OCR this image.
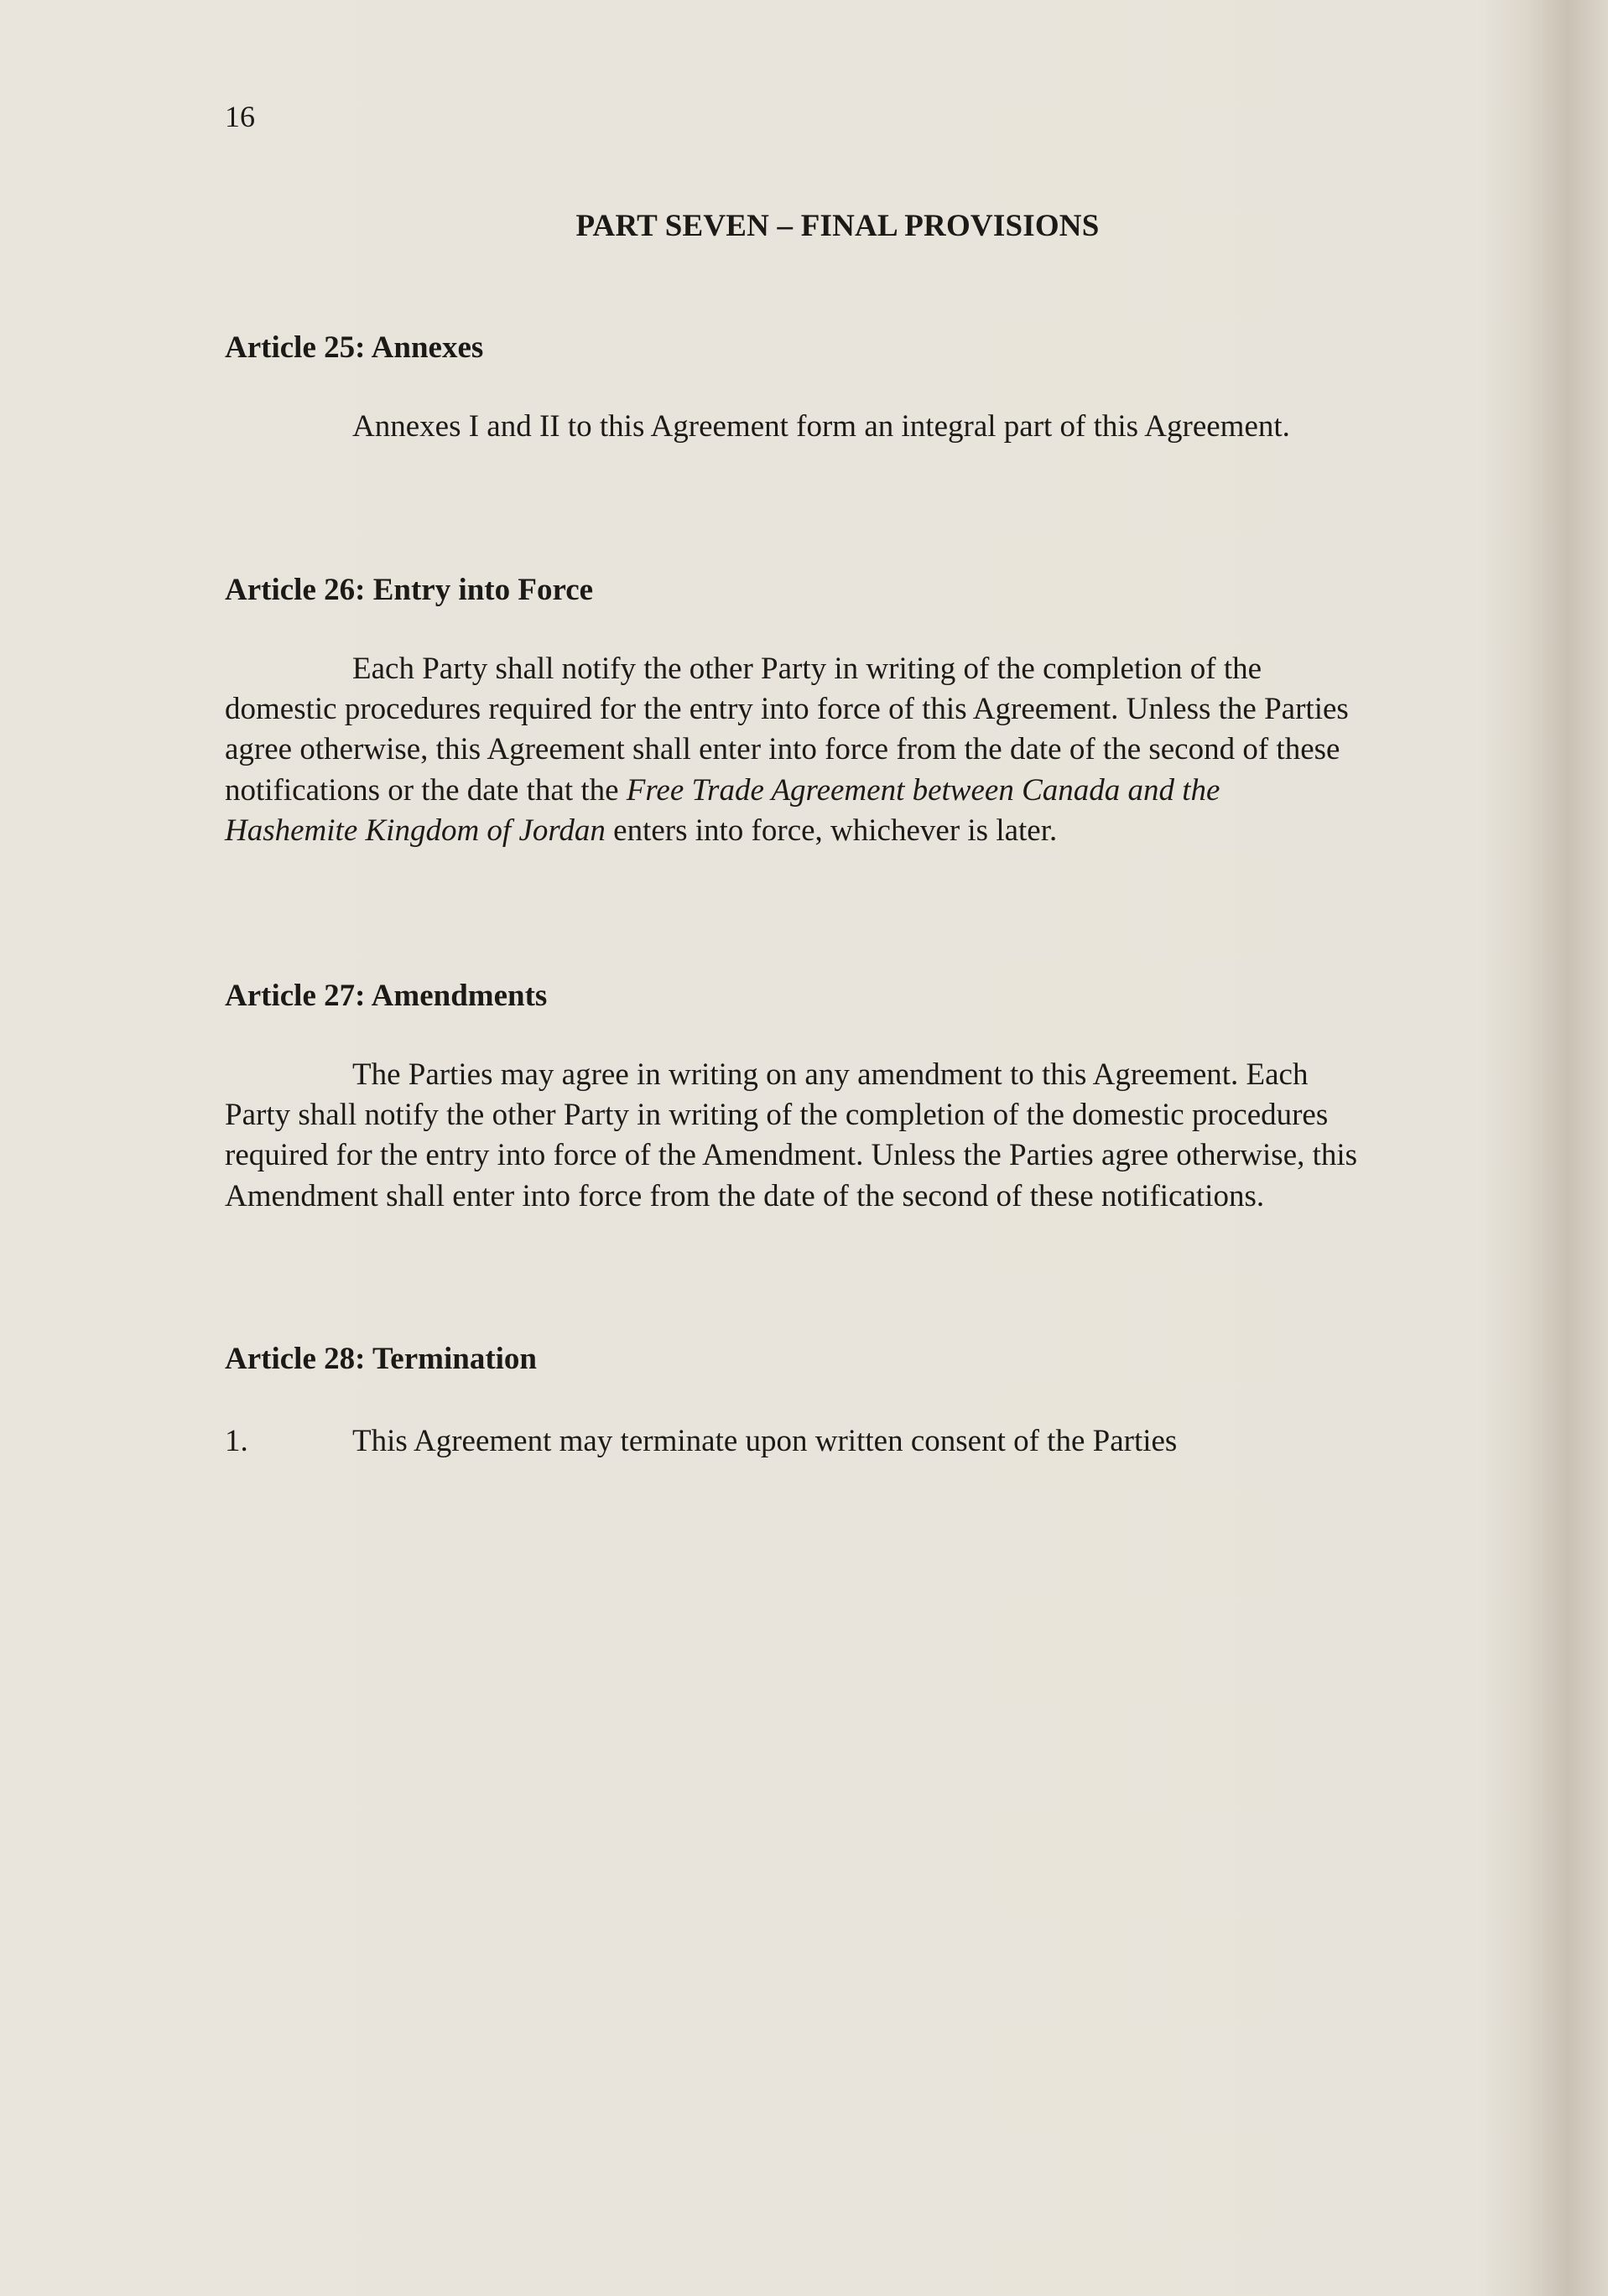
16
PART SEVEN – FINAL PROVISIONS

Article 25: Annexes

Annexes I and II to this Agreement form an integral part of this Agreement.

Article 26: Entry into Force

Each Party shall notify the other Party in writing of the completion of the domestic procedures required for the entry into force of this Agreement. Unless the Parties agree otherwise, this Agreement shall enter into force from the date of the second of these notifications or the date that the Free Trade Agreement between Canada and the Hashemite Kingdom of Jordan enters into force, whichever is later.

Article 27: Amendments

The Parties may agree in writing on any amendment to this Agreement. Each Party shall notify the other Party in writing of the completion of the domestic procedures required for the entry into force of the Amendment. Unless the Parties agree otherwise, this Amendment shall enter into force from the date of the second of these notifications.

Article 28: Termination

1.	This Agreement may terminate upon written consent of the Parties
